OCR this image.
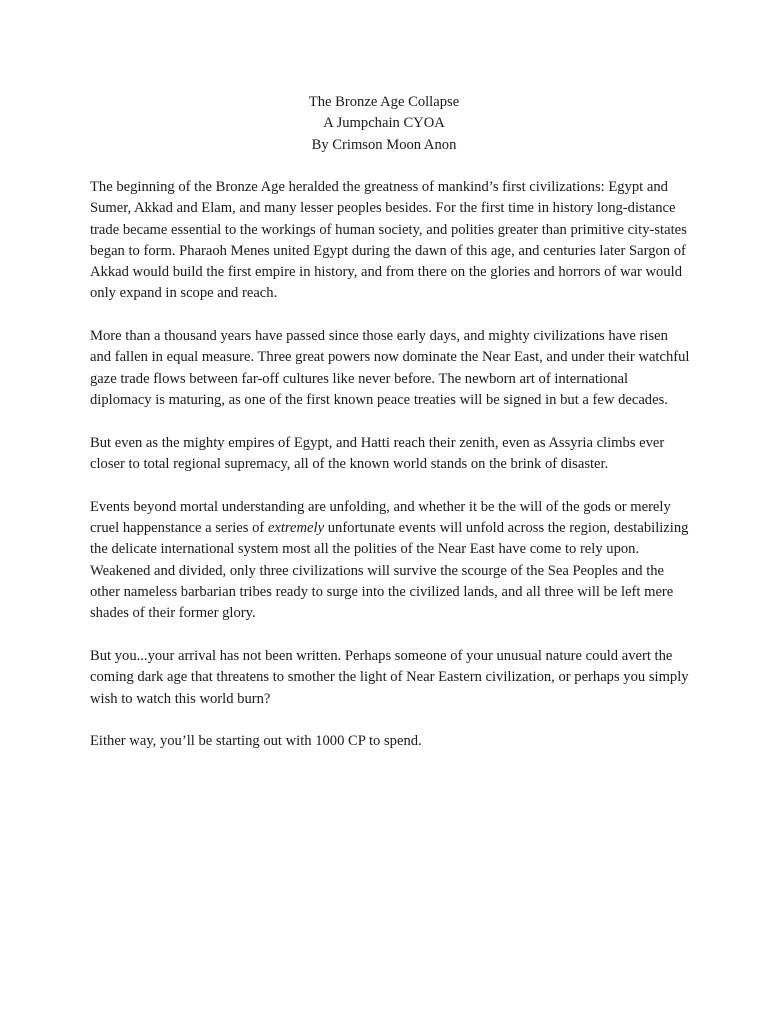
The Bronze Age Collapse
A Jumpchain CYOA
By Crimson Moon Anon

The beginning of the Bronze Age heralded the greatness of mankind’s first civilizations: Egypt and Sumer, Akkad and Elam, and many lesser peoples besides. For the first time in history long-distance trade became essential to the workings of human society, and polities greater than primitive city-states began to form. Pharaoh Menes united Egypt during the dawn of this age, and centuries later Sargon of Akkad would build the first empire in history, and from there on the glories and horrors of war would only expand in scope and reach.

More than a thousand years have passed since those early days, and mighty civilizations have risen and fallen in equal measure. Three great powers now dominate the Near East, and under their watchful gaze trade flows between far-off cultures like never before. The newborn art of international diplomacy is maturing, as one of the first known peace treaties will be signed in but a few decades.

But even as the mighty empires of Egypt, and Hatti reach their zenith, even as Assyria climbs ever closer to total regional supremacy, all of the known world stands on the brink of disaster.

Events beyond mortal understanding are unfolding, and whether it be the will of the gods or merely cruel happenstance a series of extremely unfortunate events will unfold across the region, destabilizing the delicate international system most all the polities of the Near East have come to rely upon. Weakened and divided, only three civilizations will survive the scourge of the Sea Peoples and the other nameless barbarian tribes ready to surge into the civilized lands, and all three will be left mere shades of their former glory.

But you...your arrival has not been written. Perhaps someone of your unusual nature could avert the coming dark age that threatens to smother the light of Near Eastern civilization, or perhaps you simply wish to watch this world burn?

Either way, you’ll be starting out with 1000 CP to spend.
